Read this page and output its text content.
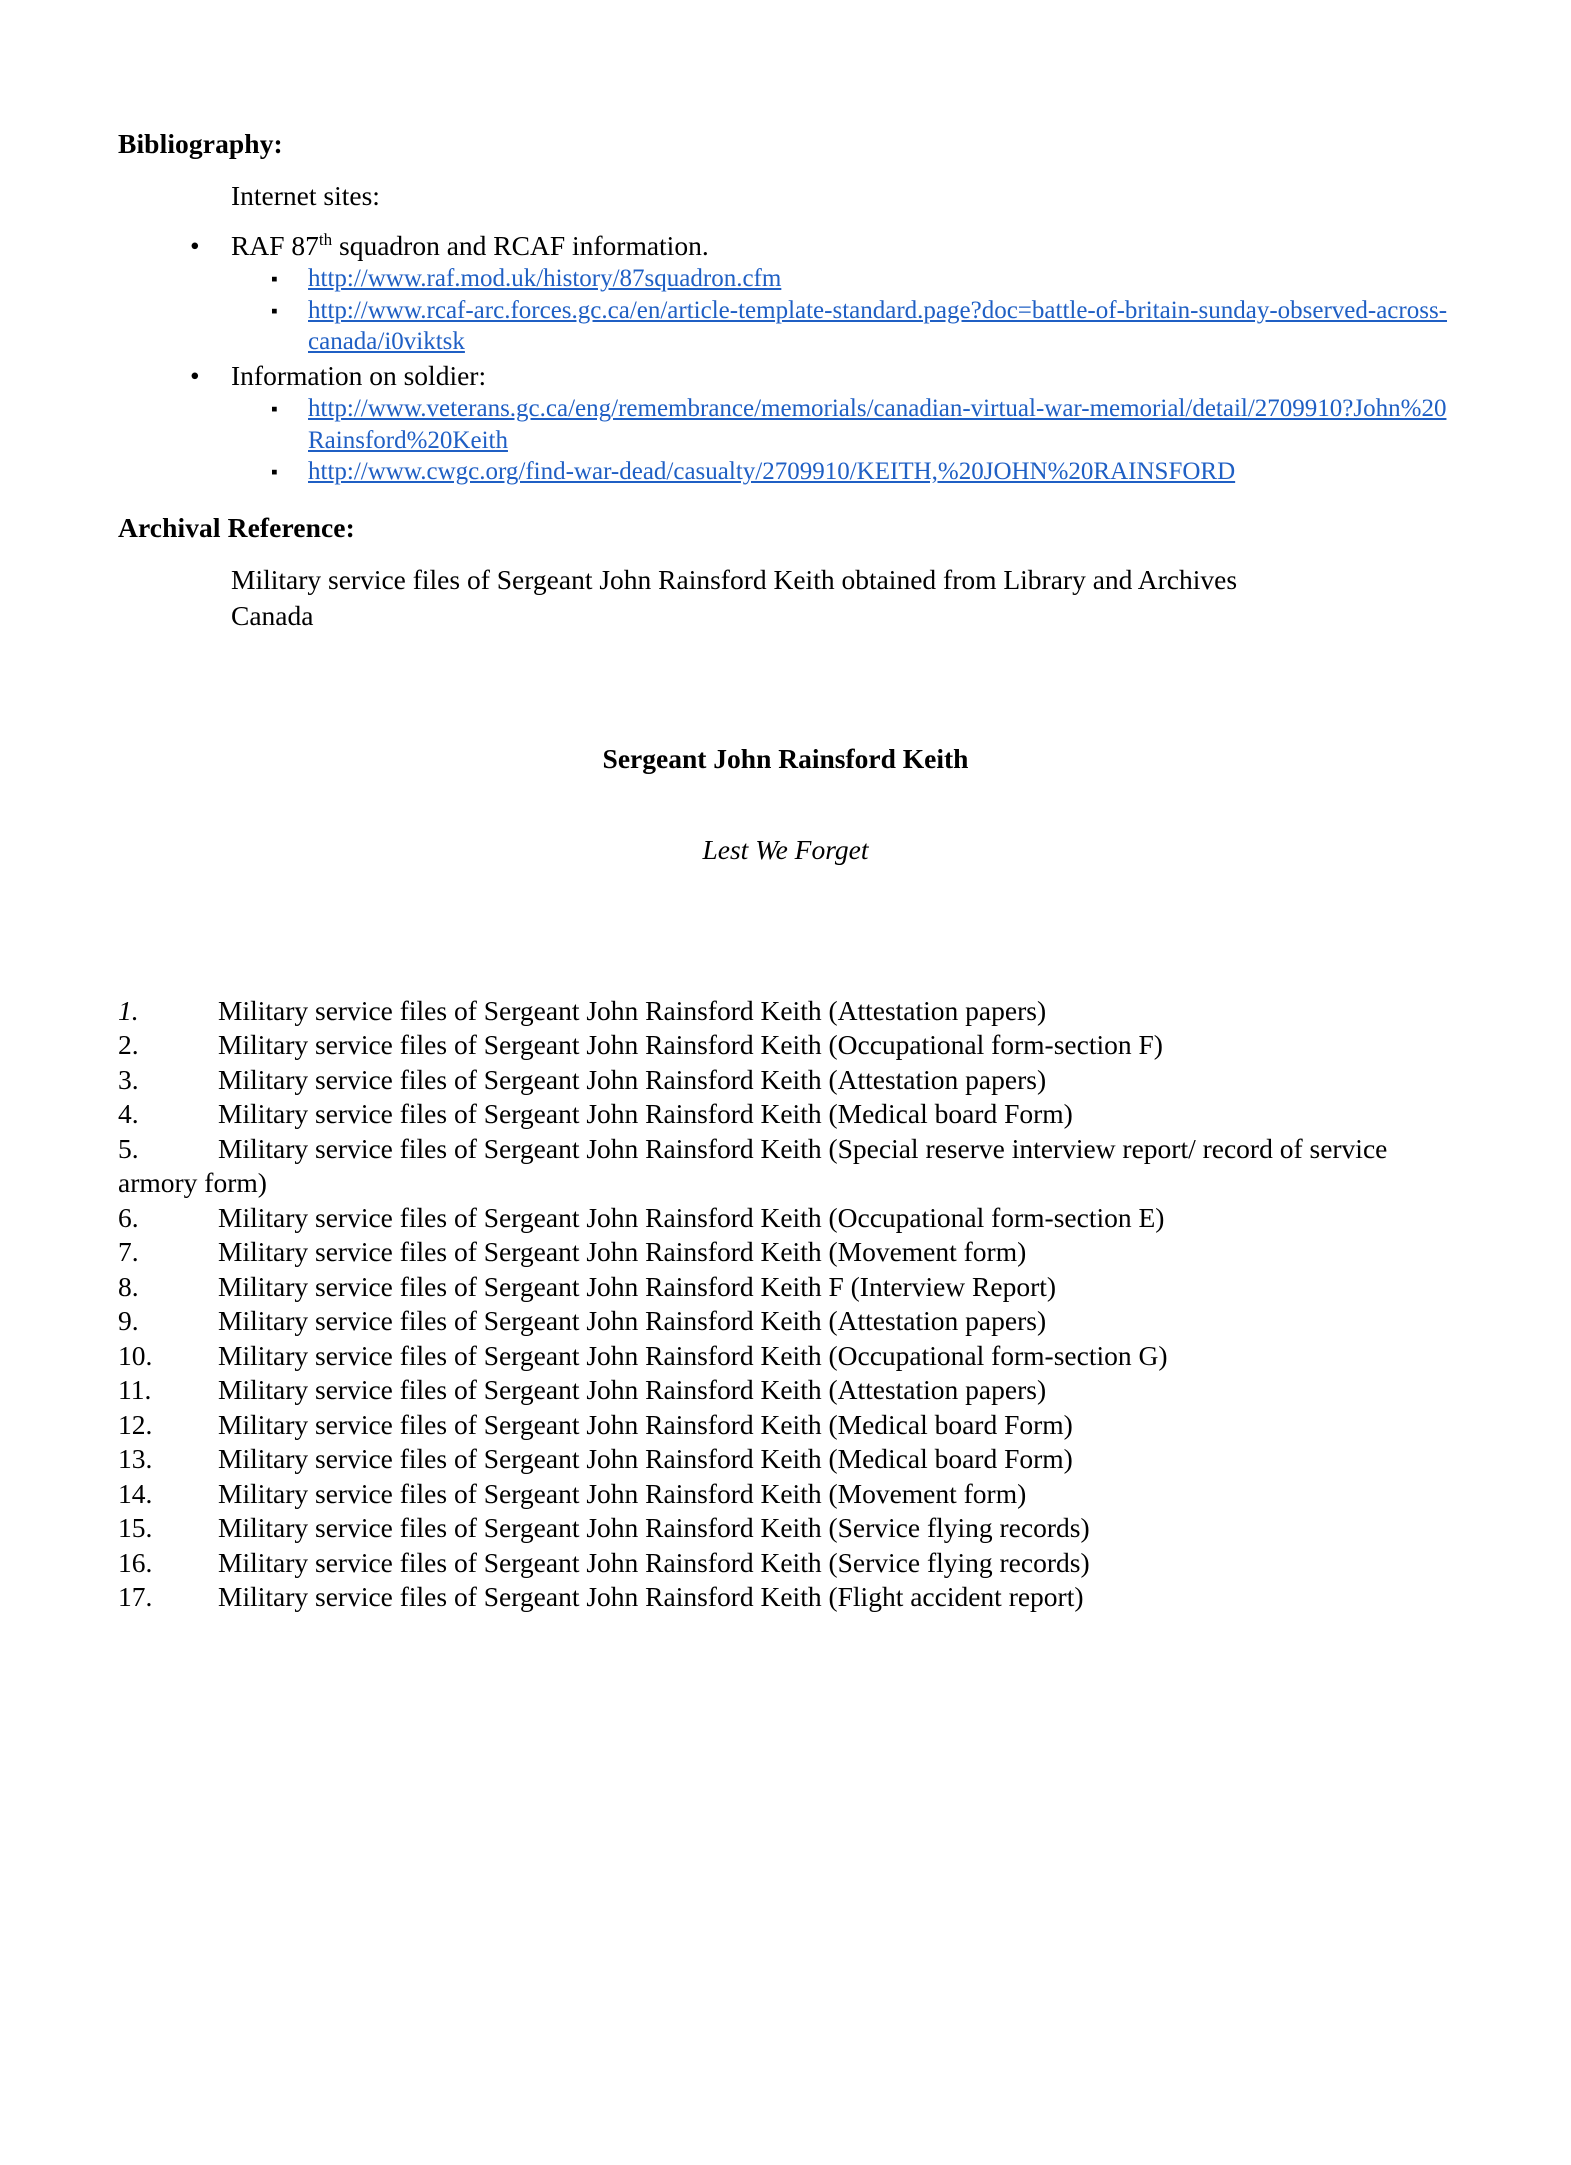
Bibliography:

Internet sites:

• RAF 87th squadron and RCAF information.
▪ http://www.raf.mod.uk/history/87squadron.cfm
▪ http://www.rcaf-arc.forces.gc.ca/en/article-template-standard.page?doc=battle-of-britain-sunday-observed-across-canada/i0viktsk
• Information on soldier:
▪ http://www.veterans.gc.ca/eng/remembrance/memorials/canadian-virtual-war-memorial/detail/2709910?John%20Rainsford%20Keith
▪ http://www.cwgc.org/find-war-dead/casualty/2709910/KEITH,%20JOHN%20RAINSFORD
Archival Reference:

Military service files of Sergeant John Rainsford Keith obtained from Library and Archives Canada

Sergeant John Rainsford Keith

Lest We Forget

1.	Military service files of Sergeant John Rainsford Keith (Attestation papers)

2.	Military service files of Sergeant John Rainsford Keith (Occupational form-section F)

3.	Military service files of Sergeant John Rainsford Keith (Attestation papers)

4.	Military service files of Sergeant John Rainsford Keith (Medical board Form)

5.	Military service files of Sergeant John Rainsford Keith (Special reserve interview report/ record of service armory form)

6.	Military service files of Sergeant John Rainsford Keith (Occupational form-section E)

7.	Military service files of Sergeant John Rainsford Keith (Movement form)

8.	Military service files of Sergeant John Rainsford Keith F (Interview Report)

9.	Military service files of Sergeant John Rainsford Keith (Attestation papers)

10. Military service files of Sergeant John Rainsford Keith (Occupational form-section G)

11. Military service files of Sergeant John Rainsford Keith (Attestation papers)

12. Military service files of Sergeant John Rainsford Keith (Medical board Form)

13. Military service files of Sergeant John Rainsford Keith (Medical board Form)

14. Military service files of Sergeant John Rainsford Keith (Movement form)

15. Military service files of Sergeant John Rainsford Keith (Service flying records)

16. Military service files of Sergeant John Rainsford Keith (Service flying records)

17. Military service files of Sergeant John Rainsford Keith (Flight accident report)
